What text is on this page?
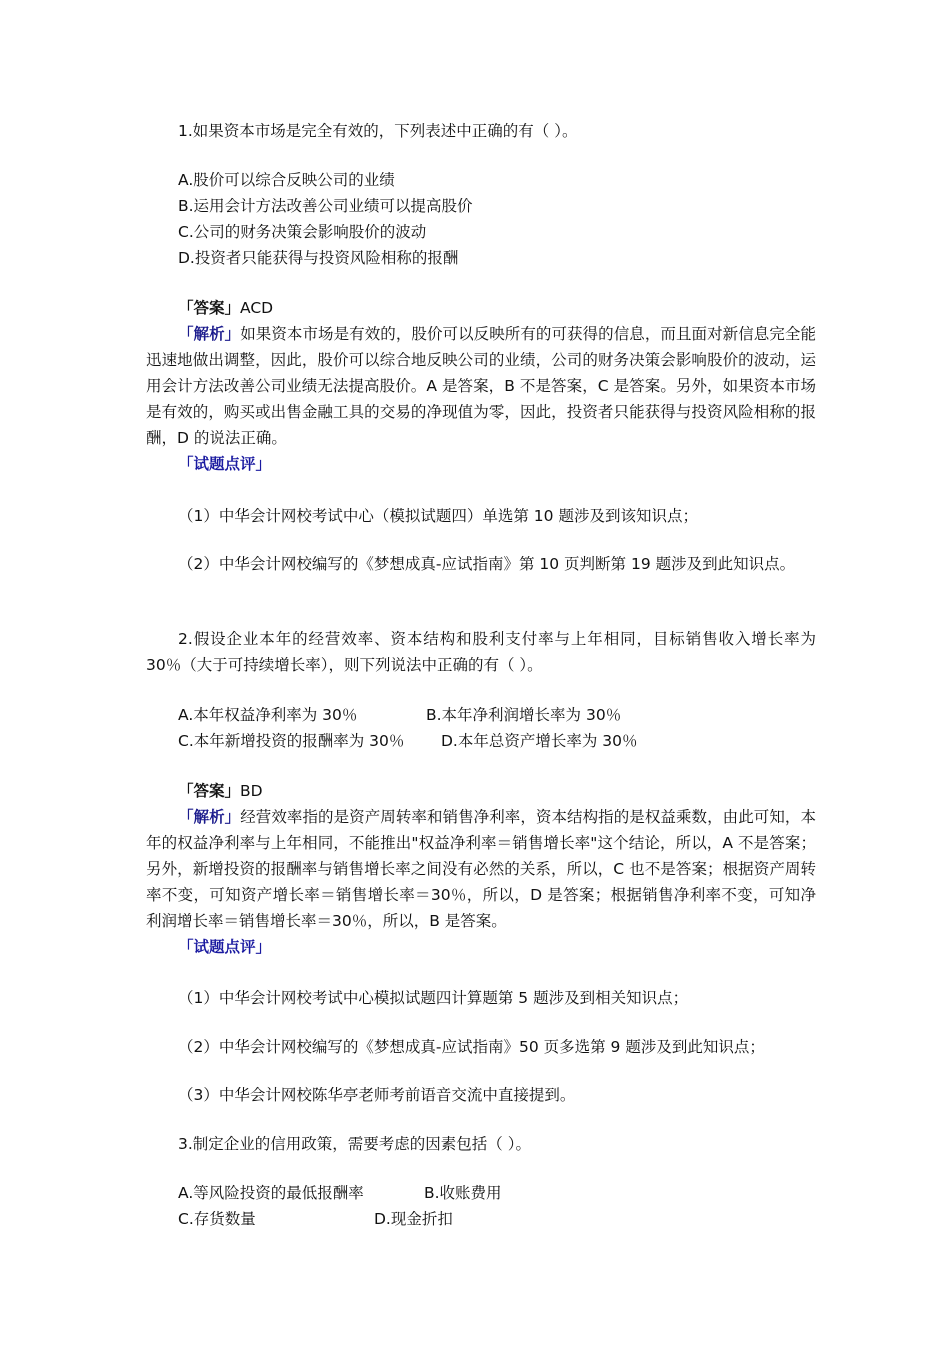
1.如果资本市场是完全有效的，下列表述中正确的有（ ）。
A.股价可以综合反映公司的业绩
B.运用会计方法改善公司业绩可以提高股价
C.公司的财务决策会影响股价的波动
D.投资者只能获得与投资风险相称的报酬
「答案」ACD
「解析」如果资本市场是有效的，股价可以反映所有的可获得的信息，而且面对新信息完全能迅速地做出调整，因此，股价可以综合地反映公司的业绩，公司的财务决策会影响股价的波动，运用会计方法改善公司业绩无法提高股价。A 是答案，B 不是答案，C 是答案。另外，如果资本市场是有效的，购买或出售金融工具的交易的净现值为零，因此，投资者只能获得与投资风险相称的报酬，D 的说法正确。
「试题点评」
（1）中华会计网校考试中心（模拟试题四）单选第 10 题涉及到该知识点；
（2）中华会计网校编写的《梦想成真-应试指南》第 10 页判断第 19 题涉及到此知识点。
2.假设企业本年的经营效率、资本结构和股利支付率与上年相同，目标销售收入增长率为 30％（大于可持续增长率），则下列说法中正确的有（ ）。
A.本年权益净利率为 30％	B.本年净利润增长率为 30％
C.本年新增投资的报酬率为 30％	D.本年总资产增长率为 30％
「答案」BD
「解析」经营效率指的是资产周转率和销售净利率，资本结构指的是权益乘数，由此可知，本年的权益净利率与上年相同，不能推出"权益净利率＝销售增长率"这个结论，所以，A 不是答案；另外，新增投资的报酬率与销售增长率之间没有必然的关系，所以，C 也不是答案；根据资产周转率不变，可知资产增长率＝销售增长率＝30％，所以，D 是答案；根据销售净利率不变，可知净利润增长率＝销售增长率＝30％，所以，B 是答案。
「试题点评」
（1）中华会计网校考试中心模拟试题四计算题第 5 题涉及到相关知识点；
（2）中华会计网校编写的《梦想成真-应试指南》50 页多选第 9 题涉及到此知识点；
（3）中华会计网校陈华亭老师考前语音交流中直接提到。
3.制定企业的信用政策，需要考虑的因素包括（ ）。
A.等风险投资的最低报酬率	B.收账费用
C.存货数量	D.现金折扣
